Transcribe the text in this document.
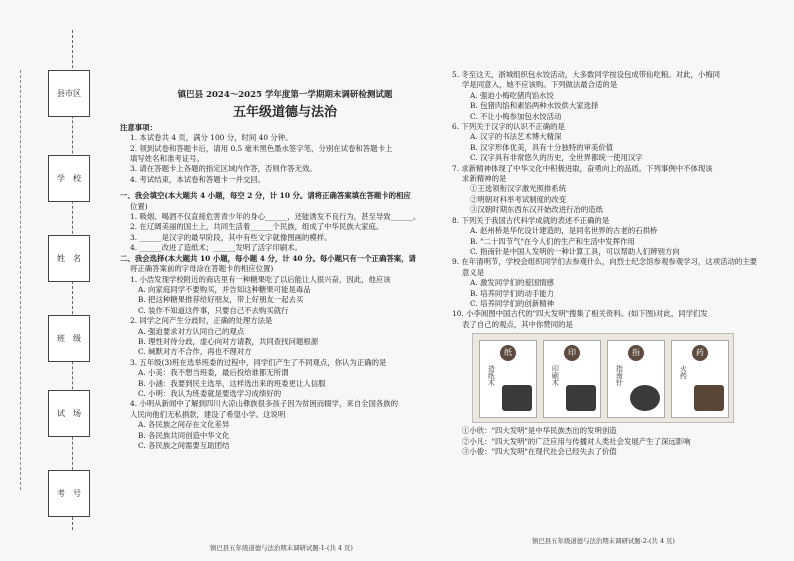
县市区
学　校
姓　名
班　级
试　场
考　号
镇巴县 2024～2025 学年度第一学期期末调研检测试题
五年级道德与法治
注意事项：
1. 本试卷共 4 页，满分 100 分，时间 40 分钟。
2. 领到试卷和答题卡后，请用 0.5 毫米黑色墨水签字笔，分别在试卷和答题卡上
填写姓名和准考证号。
3. 请在答题卡上各题的指定区域内作答，否则作答无效。
4. 考试结束，本试卷和答题卡一并交回。
一、我会填空(本大题共 4 小题，每空 2 分，计 10 分。请将正确答案填在答题卡的相应
位置)
1. 吸烟、喝酒不仅直接危害青少年的身心______，还能诱发不良行为，甚至导致______。
2. 在辽阔美丽的国土上，共同生活着______个民族，组成了中华民族大家庭。
3. ______是汉字的最早阶段，其中有些文字就像图画的模样。
4. ______改进了造纸术；______发明了活字印刷术。
二、我会选择(本大题共 10 小题，每小题 4 分，计 40 分。每小题只有一个正确答案，请
将正确答案前的字母涂在答题卡的相应位置)
1. 小浩发现学校附近的商店里有一种糖果吃了以后能让人很兴奋，因此，他应该
A. 向家庭同学不要购买，并告知这种糖果可能是毒品
B. 把这种糖果推荐给好朋友，带上好朋友一起去买
C. 装作不知道这件事，只要自己不去购买就行
2. 同学之间产生分歧时，正确的处理方法是
A. 强迫要求对方认同自己的观点
B. 理性对待分歧，虚心向对方请教，共同查找问题根源
C. 缄默对方不合作，再也不理对方
3. 五年级(3)班在选举班委的过程中，同学们产生了不同观点，你认为正确的是
A. 小美：我不想当班委，最后投给谁都无所谓
B. 小涵：我要到民主选举，这样选出来的班委更让人信服
C. 小明：我认为班委就是要选学习成绩好的
4. 小明从新闻中了解到四川大凉山彝族很多孩子因为贫困而辍学，来自全国各族的
人民向他们无私捐款，建设了希望小学。这说明
A. 各民族之间存在文化差异
B. 各民族共同创造中华文化
C. 各民族之间需要互助团结
镇巴县五年级道德与法治期末调研试题-1-(共 4 页)
5. 冬至这天，浙城组织包水饺活动，大多数同学按设包成带仙吃粮。对此，小梅同
学是同意入，她不应该购。下列做法最合适的是
A. 强迫小梅吃猪肉馅水饺
B. 包猪肉馅和素馅两种水饺供大家选择
C. 不让小梅参加包水饺活动
6. 下列关于汉字的认识不正确的是
A. 汉字的书法艺术博大精深
B. 汉字形体优美，具有十分独特的审美价值
C. 汉字具有非常悠久的历史，全世界都统一使用汉字
7. 求新精神体现了中华文化中积极进取，奋勇向上的品质。下列事例中不体现该
求新精神的是
①王选领衔汉字激光照排系统
②明朝对科举考试制度的改变
③汉朝时期东西东汉开始改进行冶的造纸
8. 下列关于我国古代科学成就的表述不正确的是
A. 赵州桥是华佗设计建造的，是同名世界的古老的石拱桥
B. "二十四节气"在今人们的生产和生活中发挥作用
C. 指南针是中国人发明的一种计算工具，可以帮助人们辨别方向
9. 在年清明节，学校会组织同学们去参观什么，向烈士纪念馆参观参观学习，这项活动的主要
意义是
A. 激发同学们的爱国情感
B. 培养同学们的动手能力
C. 培养同学们的创新精神
10. 小李阅图中国古代的"四大发明"搜集了相关资料。(如下图)对此，同学们发
表了自己的观点，其中你赞同的是
纸
造纸术
印
印刷术
指
指南针
药
火药
①小欣："四大发明"是中华民族杰出的发明创造
②小凡："四大发明"的广泛应用与传播对人类社会发展产生了深远影响
③小俊："四大发明"在现代社会已经失去了价值
镇巴县五年级道德与法治期末调研试题-2-(共 4 页)
